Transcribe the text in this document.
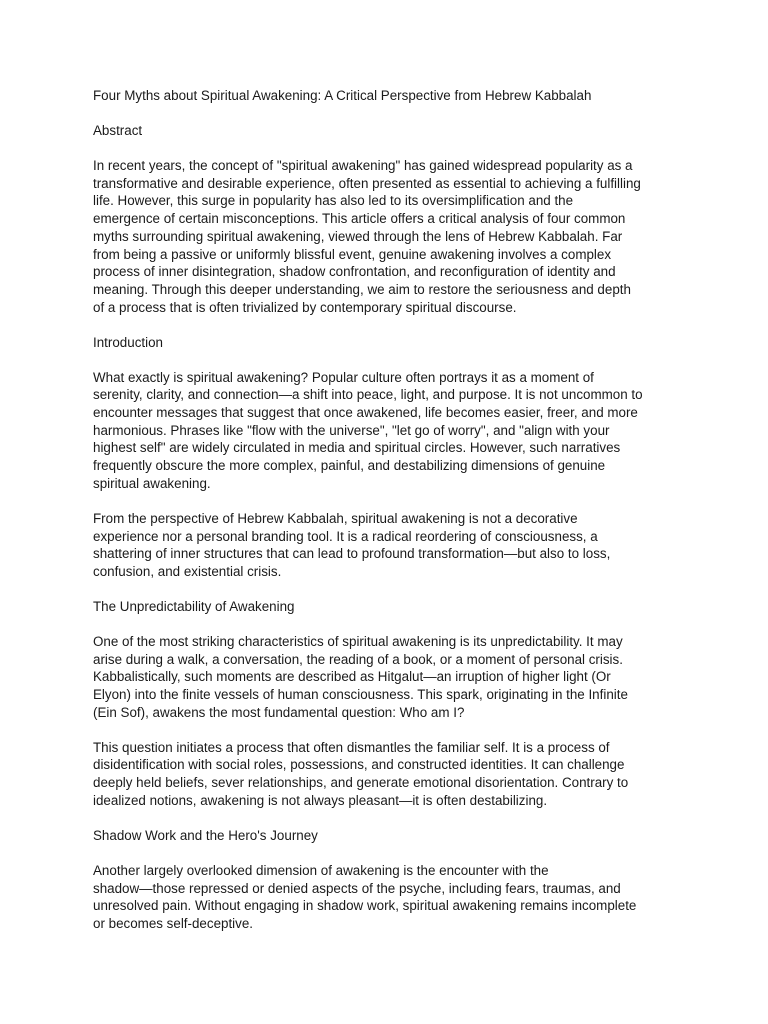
Four Myths about Spiritual Awakening: A Critical Perspective from Hebrew Kabbalah

Abstract

In recent years, the concept of "spiritual awakening" has gained widespread popularity as a
transformative and desirable experience, often presented as essential to achieving a fulfilling
life. However, this surge in popularity has also led to its oversimplification and the
emergence of certain misconceptions. This article offers a critical analysis of four common
myths surrounding spiritual awakening, viewed through the lens of Hebrew Kabbalah. Far
from being a passive or uniformly blissful event, genuine awakening involves a complex
process of inner disintegration, shadow confrontation, and reconfiguration of identity and
meaning. Through this deeper understanding, we aim to restore the seriousness and depth
of a process that is often trivialized by contemporary spiritual discourse.

Introduction

What exactly is spiritual awakening? Popular culture often portrays it as a moment of
serenity, clarity, and connection—a shift into peace, light, and purpose. It is not uncommon to
encounter messages that suggest that once awakened, life becomes easier, freer, and more
harmonious. Phrases like "flow with the universe", "let go of worry", and "align with your
highest self" are widely circulated in media and spiritual circles. However, such narratives
frequently obscure the more complex, painful, and destabilizing dimensions of genuine
spiritual awakening.

From the perspective of Hebrew Kabbalah, spiritual awakening is not a decorative
experience nor a personal branding tool. It is a radical reordering of consciousness, a
shattering of inner structures that can lead to profound transformation—but also to loss,
confusion, and existential crisis.

The Unpredictability of Awakening

One of the most striking characteristics of spiritual awakening is its unpredictability. It may
arise during a walk, a conversation, the reading of a book, or a moment of personal crisis.
Kabbalistically, such moments are described as Hitgalut—an irruption of higher light (Or
Elyon) into the finite vessels of human consciousness. This spark, originating in the Infinite
(Ein Sof), awakens the most fundamental question: Who am I?

This question initiates a process that often dismantles the familiar self. It is a process of
disidentification with social roles, possessions, and constructed identities. It can challenge
deeply held beliefs, sever relationships, and generate emotional disorientation. Contrary to
idealized notions, awakening is not always pleasant—it is often destabilizing.

Shadow Work and the Hero's Journey

Another largely overlooked dimension of awakening is the encounter with the
shadow—those repressed or denied aspects of the psyche, including fears, traumas, and
unresolved pain. Without engaging in shadow work, spiritual awakening remains incomplete
or becomes self-deceptive.
